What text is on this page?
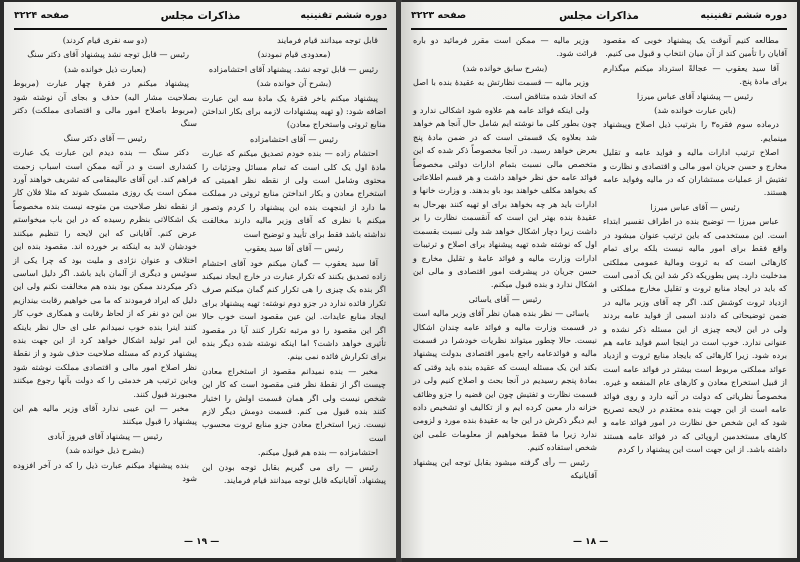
دوره ششم تقنینیه
مذاکرات مجلس
صفحه ۳۲۲۴

قابل توجه میدانند قیام فرمایند

(معدودی قیام نمودند)

رئیس — قابل توجه نشد. پیشنهاد آقای احتشامزاده

(بشرح آن خوانده شد)

پیشنهاد میکنم باخر فقرهٔ یک مادهٔ سه این عبارت اضافه شود: (و تهیه پیشنهادات لازمه برای بکار انداختن منابع ثروتی واستخراج معادن)

رئیس — آقای احتشامزاده

احتشام زاده — بنده خودم تصدیق میکنم که عبارت مادهٔ اول یک کلی است که تمام مسائل وجزئیات را محتوی وشامل است ولی از نقطه نظر اهمیتی که استخراج معادن و بکار انداختن منابع ثروتی در مملکت ما دارد از اینجهت بنده این پیشنهاد را کردم وتصور میکنم با نظری که آقای وزیر مالیه دارند مخالفت نداشته باشد فقط برای تأیید و توضیح است

رئیس — آقای آقا سید یعقوب

آقا سید یعقوب — گمان میکنم خود آقای احتشام زاده تصدیق بکنند که تکرار عبارت در خارج ایجاد نمیکند اگر بنده یک چیزی را هی تکرار کنم گمان میکنم صرف تکرار فائده ندارد در جزو دوم نوشته: تهیه پیشنهاد برای ایجاد منابع عایدات. این عین مقصود است خوب حالا اگر این مقصود را دو مرتبه تکرار کنند آیا در مقصود تأثیری خواهد داشت؟ اما اینکه نوشته شده دیگر بنده برای تکرارش فائده نمی بینم.

مخبر — بنده نمیدانم مقصود از استخراج معادن چیست اگر از نقطهٔ نظر فنی مقصود است که کار این شخص نیست ولی اگر همان قسمت اولش را اختیار کنند بنده قبول می کنم. قسمت دومش دیگر لازم نیست. زیرا استخراج معادن جزو منابع ثروت محسوب است

احتشامزاده — بنده هم قبول میکنم.

رئیس — رای می گیریم بقابل توجه بودن این پیشنهاد. آقایانیکه قابل توجه میدانند قیام فرمایند.

(دو سه نفری قیام کردند)

رئیس — قابل توجه نشد پیشنهاد آقای دکتر سنگ

(بعبارت ذیل خوانده شد)

پیشنهاد میکنم در فقرهٔ چهار عبارت (مربوط بصلاحیت مشار الیه) حذف و بجای آن نوشته شود (مربوط باصلاح امور مالی و اقتصادی مملکت) دکتر سنگ

رئیس — آقای دکتر سنگ

دکتر سنگ — بنده دیدم این عبارت یک عبارت کشداری است و در آتیه ممکن است اسباب زحمت فراهم کند. این آقای عالیمقامی که تشریف خواهند آورد ممکن است یک روزی متمسک شوند که مثلا فلان کار از نقطه نظر صلاحیت من متوجه نیست بنده مخصوصاً یک اشکالاتی بنظرم رسیده که در این باب میخواستم عرض کنم. آقایانی که این لایحه را تنظیم میکنند خودشان لابد به اینکته بر خورده اند. مقصود بنده این اختلاف و عنوان نژادی و ملیت بود که چرا یکی از سوئیس و دیگری از آلمان باید باشد. اگر دلیل اساسی ذکر میکردند ممکن بود بنده هم مخالفت نکنم ولی این دلیل که ایراد فرمودند که ما می خواهیم رقابت بیندازیم بین این دو نفر که از لحاظ رقابت و همکاری خوب کار کنند اینرا بنده خوب نمیدانم علی ای حال نظر باینکه این امر تولید اشکال خواهد کرد از این جهت بنده پیشنهاد کردم که مسئله صلاحیت حذف شود و از نقطهٔ نظر اصلاح امور مالی و اقتصادی مملکت نوشته شود وباین ترتیب هر خدمتی را که دولت بآنها رجوع میکنند مجبورند قبول کنند.

مخبر — این عیبی ندارد آقای وزیر مالیه هم این پیشنهاد را قبول میکنند

رئیس — پیشنهاد آقای فیروز آبادی

(بشرح ذیل خوانده شد)

بنده پیشنهاد میکنم عبارت ذیل را که در آخر افزوده شود

— ۱۹ —
دوره ششم تقنینیه
مذاکرات مجلس
صفحه ۳۲۲۳

مطالعه کنیم آنوقت یک پیشنهاد خوبی که مقصود آقایان را تأمین کند از آن میان انتخاب و قبول می کنیم.

آقا سید یعقوب — عجالةً استرداد میکنم میگذارم برای مادهٔ پنج.

رئیس — پیشنهاد آقای عباس میرزا

(باین عبارت خوانده شد)

درماده سوم فقره۳ را بترتیب ذیل اصلاح وپیشنهاد مینمایم.

اصلاح ترتیب ادارات مالیه و فواید عامه و تقلیل مخارج و حسن جریان امور مالی و اقتصادی و نظارت و تفتیش از عملیات مستشاران که در مالیه وفواید عامه هستند.

رئیس — آقای عباس میرزا

عباس میرزا — توضیح بنده در اطراف تفسیر ابتداء است. این مستخدمی که باین ترتیب عنوان میشود در واقع فقط برای امور مالیه نیست بلکه برای تمام کارهائی است که به ثروت ومالیهٔ عمومی مملکتی مدخلیت دارد. پس بطوریکه ذکر شد این یک آدمی است که باید در ایجاد منابع ثروت و تقلیل مخارج مملکتی و ازدیاد ثروت کوشش کند. اگر چه آقای وزیر مالیه در ضمن توضیحاتی که دادند اسمی از فواید عامه بردند ولی در این لایحه چیزی از این مسئله ذکر نشده و عنوانی ندارد. خوب است در اینجا اسم فواید عامه هم برده شود. زیرا کارهائی که بایجاد منابع ثروت و ازدیاد عوائد مملکتی مربوط است بیشتر در فوائد عامه است از قبیل استخراج معادن و کارهای عام المنفعه و غیره. مخصوصاً نظریاتی که دولت در آتیه دارد و روی فوائد عامه است از این جهت بنده معتقدم در لایحه تصریح شود که این شخص حق نظارت در امور فوائد عامه و کارهای مستخدمین اروپائی که در فوائد عامه هستند داشته باشد. از این جهت است این پیشنهاد را کردم

وزیر مالیه — ممکن است مقرر فرمائید دو باره قرائت شود.

(بشرح سابق خوانده شد)

وزیر مالیه — قسمت نظارتش به عقیدهٔ بنده با اصل که اتخاذ شده متناقض است.

ولی اینکه فوائد عامه هم علاوه شود اشکالی ندارد و چون بطور کلی ما نوشته ایم شامل حال آنجا هم خواهد شد بعلاوه یک قسمتی است که در ضمن مادهٔ پنج بعرض خواهد رسید. در آنجا مخصوصاً ذکر شده که این متخصص مالی نسبت بتمام ادارات دولتی مخصوصاً فوائد عامه حق نظر خواهد داشت و هر قسم اطلاعاتی که بخواهد مکلف خواهند بود باو بدهند. و وزارت خانها و ادارات باید هر چه بخواهد برای او تهیه کنند بهرحال به عقیدهٔ بنده بهتر این است که آنقسمت نظارت را بر داشت زیرا دچار اشکال خواهد شد ولی نسبت بقسمت اول که نوشته شده تهیه پیشنهاد برای اصلاح و ترتیبات ادارات وزارت مالیه و فوائد عامهٔ و تقلیل مخارج و حسن جریان در پیشرفت امور اقتصادی و مالی این اشکال ندارد و بنده قبول میکنم.

رئیس — آقای یاسائی

یاسائی — نظر بنده همان نظر آقای وزیر مالیه است در قسمت وزارت مالیه و فوائد عامه چندان اشکال نیست. حالا چطور میتواند نظریات خودشرا در قسمت مالیه و فوائدعامه راجع بامور اقتصادی بدولت پیشنهاد بکند این یک مسئله ایست که عقیده بنده باید وقتی که بمادهٔ پنجم رسیدیم در آنجا بحث و اصلاح کنیم ولی در قسمت نظارت و تفتیش چون این قضیه را جزو وظائف خزانه دار معین کرده ایم و از تکالیف او تشخیص داده ایم دیگر ذکرش در این جا به عقیدهٔ بنده مورد و لزومی ندارد زیرا ما فقط میخواهیم از معلومات علمی این شخص استفاده کنیم.

رئیس — رأی گرفته میشود بقابل توجه این پیشنهاد آقایانیکه

— ۱۸ —
